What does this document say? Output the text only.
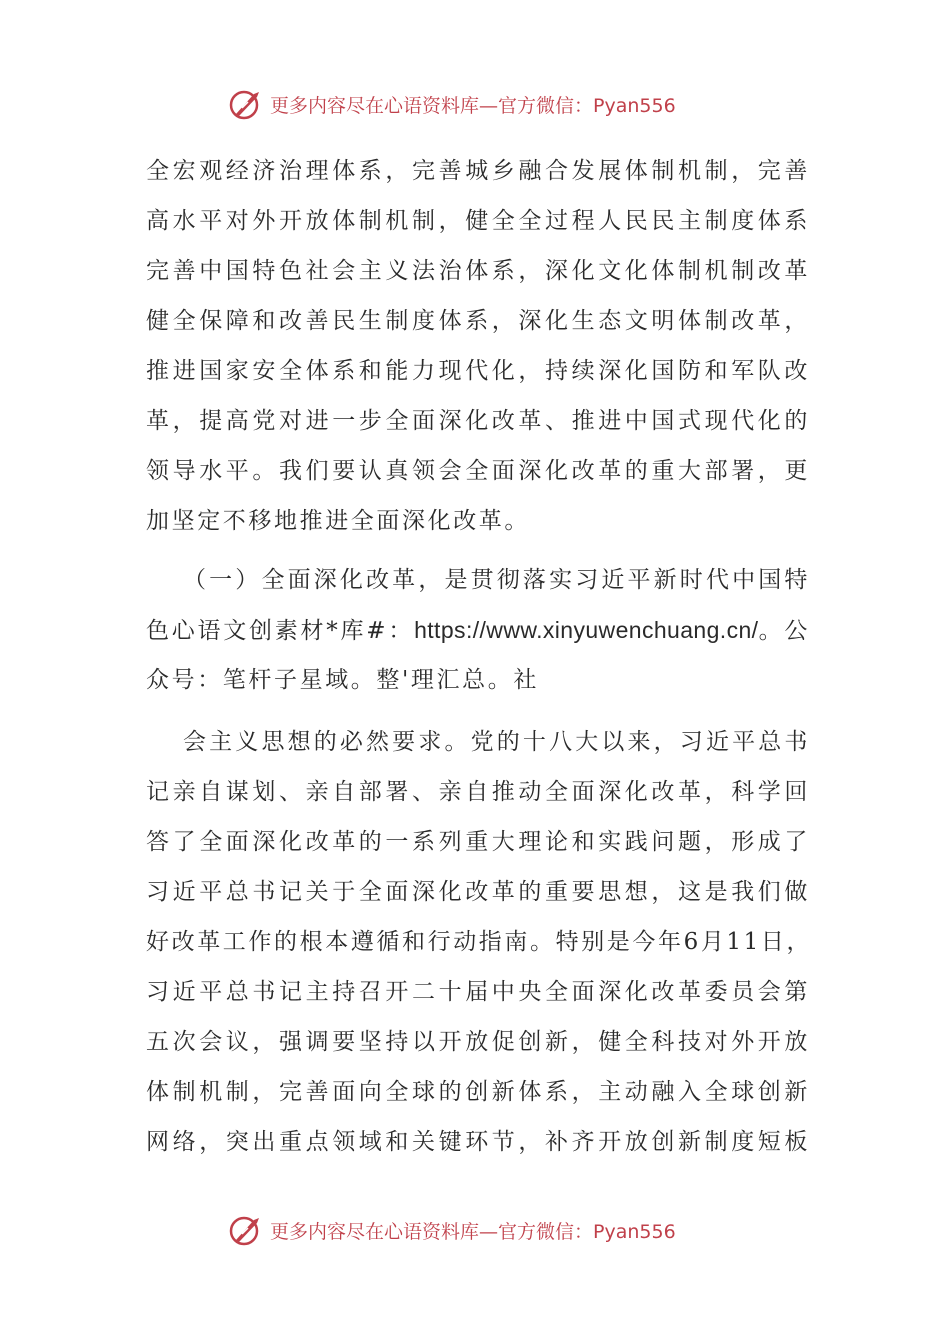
更多内容尽在心语资料库—官方微信：Pyan556
全宏观经济治理体系，完善城乡融合发展体制机制，完善
高水平对外开放体制机制，健全全过程人民民主制度体系
完善中国特色社会主义法治体系，深化文化体制机制改革
健全保障和改善民生制度体系，深化生态文明体制改革，
推进国家安全体系和能力现代化，持续深化国防和军队改
革，提高党对进一步全面深化改革、推进中国式现代化的
领导水平。我们要认真领会全面深化改革的重大部署，更
加坚定不移地推进全面深化改革。
（一）全面深化改革，是贯彻落实习近平新时代中国特
色心语文创素材*库#：https://www.xinyuwenchuang.cn/。公
众号：笔杆子星域。整'理汇总。社
会主义思想的必然要求。党的十八大以来，习近平总书
记亲自谋划、亲自部署、亲自推动全面深化改革，科学回
答了全面深化改革的一系列重大理论和实践问题，形成了
习近平总书记关于全面深化改革的重要思想，这是我们做
好改革工作的根本遵循和行动指南。特别是今年6月11日，
习近平总书记主持召开二十届中央全面深化改革委员会第
五次会议，强调要坚持以开放促创新，健全科技对外开放
体制机制，完善面向全球的创新体系，主动融入全球创新
网络，突出重点领域和关键环节，补齐开放创新制度短板
更多内容尽在心语资料库—官方微信：Pyan556
